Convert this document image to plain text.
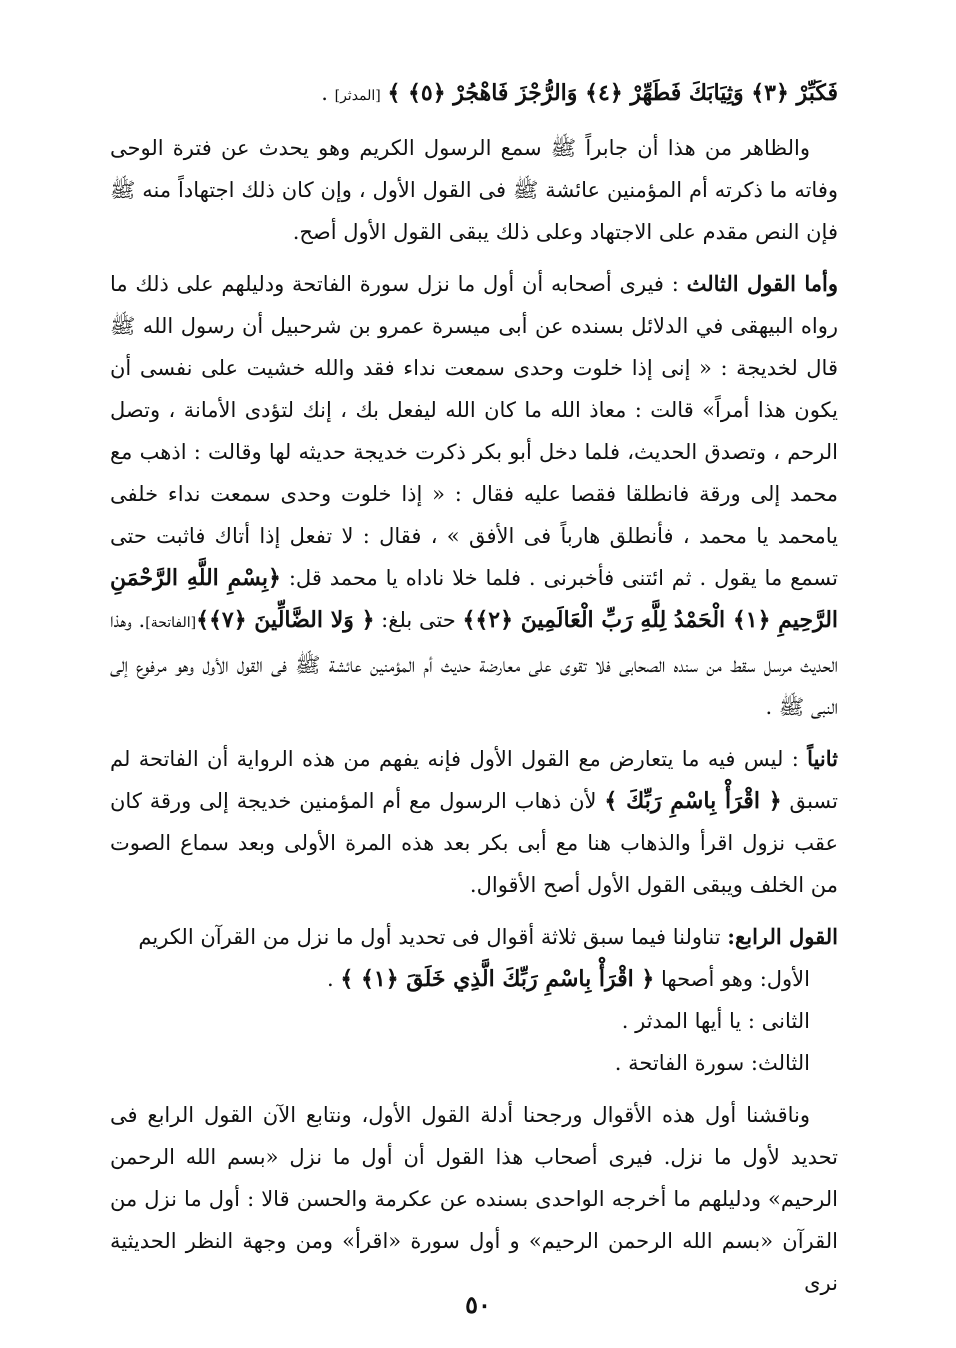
فَكَبِّرْ ﴿٣﴾ وَثِيَابَكَ فَطَهِّرْ ﴿٤﴾ وَالرُّجْزَ فَاهْجُرْ ﴿٥﴾ ﴾ [المدثر] .

والظاهر من هذا أن جابراً ﷺ سمع الرسول الكريم وهو يحدث عن فترة الوحى وفاته ما ذكرته أم المؤمنين عائشة ﷺ فى القول الأول ، وإن كان ذلك اجتهاداً منه ﷺ فإن النص مقدم على الاجتهاد وعلى ذلك يبقى القول الأول أصح.

وأما القول الثالث : فيرى أصحابه أن أول ما نزل سورة الفاتحة ودليلهم على ذلك ما رواه البيهقى في الدلائل بسنده عن أبى ميسرة عمرو بن شرحبيل أن رسول الله ﷺ قال لخديجة : « إنى إذا خلوت وحدى سمعت نداء فقد والله خشيت على نفسى أن يكون هذا أمراً» قالت : معاذ الله ما كان الله ليفعل بك ، إنك لتؤدى الأمانة ، وتصل الرحم ، وتصدق الحديث، فلما دخل أبو بكر ذكرت خديجة حديثه لها وقالت : اذهب مع محمد إلى ورقة فانطلقا فقصا عليه فقال : « إذا خلوت وحدى سمعت نداء خلفى يامحمد يا محمد ، فأنطلق هارباً فى الأفق » ، فقال : لا تفعل إذا أتاك فاثبت حتى تسمع ما يقول . ثم ائتنى فأخبرنى . فلما خلا ناداه يا محمد قل: ﴿بِسْمِ اللَّهِ الرَّحْمَنِ الرَّحِيمِ ﴿١﴾ الْحَمْدُ لِلَّهِ رَبِّ الْعَالَمِينَ ﴿٢﴾﴾ حتى بلغ: ﴿ وَلا الضَّالِّينَ ﴿٧﴾﴾[الفاتحة]. وهذا الحديث مرسل سقط من سنده الصحابى فلا تقوى على معارضة حديث أم المؤمنين عائشة ﷺ فى القول الأول وهو مرفوع إلى النبى ﷺ .

ثانياً : ليس فيه ما يتعارض مع القول الأول فإنه يفهم من هذه الرواية أن الفاتحة لم تسبق ﴿ اقْرَأْ بِاسْمِ رَبِّكَ ﴾ لأن ذهاب الرسول مع أم المؤمنين خديجة إلى ورقة كان عقب نزول اقرأ والذهاب هنا مع أبى بكر بعد هذه المرة الأولى وبعد سماع الصوت من الخلف ويبقى القول الأول أصح الأقوال.

القول الرابع: تناولنا فيما سبق ثلاثة أقوال فى تحديد أول ما نزل من القرآن الكريم

الأول: وهو أصحها ﴿ اقْرَأْ بِاسْمِ رَبِّكَ الَّذِي خَلَقَ ﴿١﴾ ﴾ .

الثانى : يا أيها المدثر .

الثالث: سورة الفاتحة .

وناقشنا أول هذه الأقوال ورجحنا أدلة القول الأول، ونتابع الآن القول الرابع فى تحديد لأول ما نزل. فيرى أصحاب هذا القول أن أول ما نزل «بسم الله الرحمن الرحيم» ودليلهم ما أخرجه الواحدى بسنده عن عكرمة والحسن قالا : أول ما نزل من القرآن «بسم الله الرحمن الرحيم» و أول سورة «اقرأ» ومن وجهة النظر الحديثية نرى

٥٠
